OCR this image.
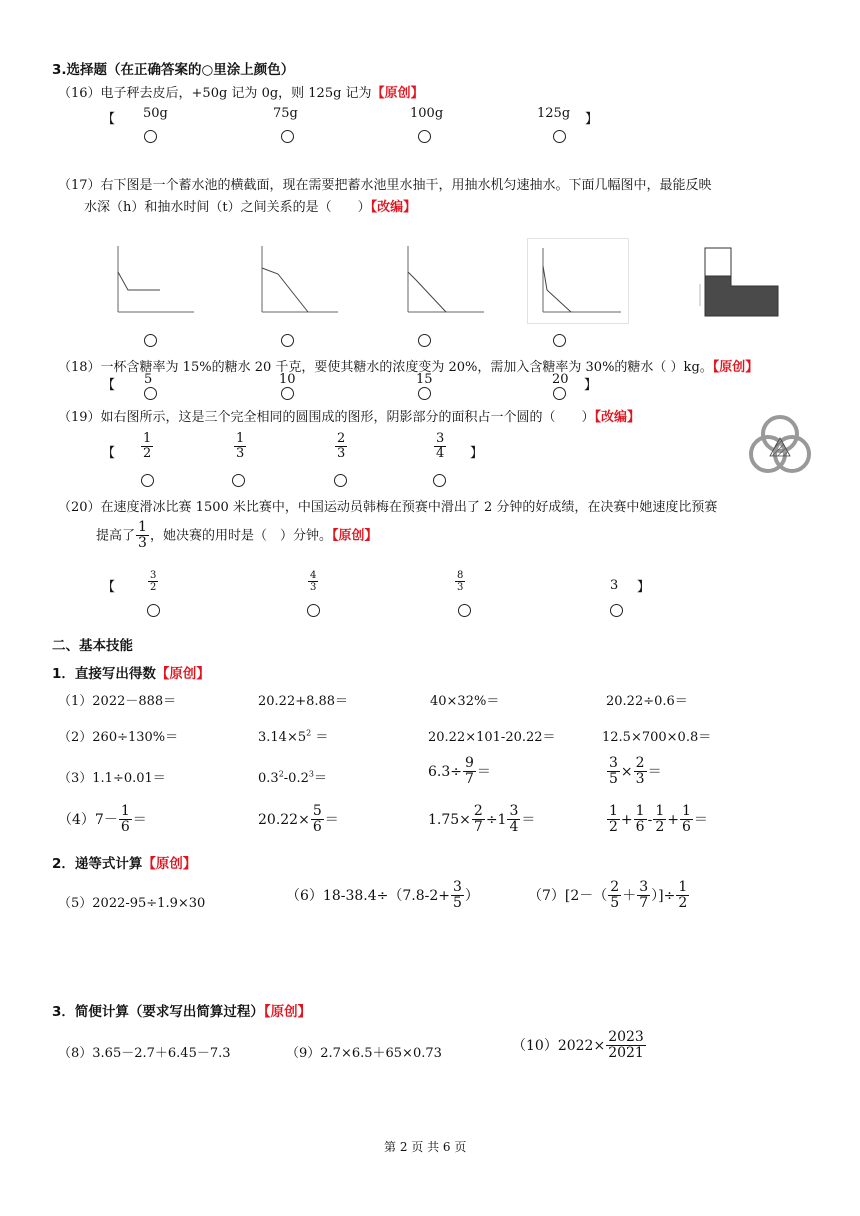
3.选择题（在正确答案的○里涂上颜色）
（16）电子秤去皮后，+50g 记为 0g，则 125g 记为【原创】
【 50g	75g	100g	125g 】
（17）右下图是一个蓄水池的横截面，现在需要把蓄水池里水抽干，用抽水机匀速抽水。下面几幅图中，最能反映
水深（h）和抽水时间（t）之间关系的是（　　）【改编】
（18）一杯含糖率为 15%的糖水 20 千克，要使其糖水的浓度变为 20%，需加入含糖率为 30%的糖水（ ）kg。【原创】
【 5	10	15	20 】
（19）如右图所示，这是三个完全相同的圆围成的图形，阴影部分的面积占一个圆的（　　）【改编】
【 $\frac{1}{2}$	$\frac{1}{3}$	$\frac{2}{3}$	$\frac{3}{4}$ 】
（20）在速度滑冰比赛 1500 米比赛中，中国运动员韩梅在预赛中滑出了 2 分钟的好成绩，在决赛中她速度比预赛
提高了 $\frac{1}{3}$ ，她决赛的用时是（　）分钟。【原创】
【	$\frac{3}{2}$	$\frac{4}{3}$	$\frac{8}{3}$	3 】
二、基本技能
1．直接写出得数【原创】
（1）2022－888＝	20.22+8.88＝	40×32%＝	20.22÷0.6＝
（2）260÷130%＝	$3.14\times 5^2$ ＝	20.22×101-20.22＝	12.5×700×0.8＝
（3）1.1÷0.01＝	$0.3^2-0.2^3=$	$6.3\div \frac{9}{7}$ ＝	$\frac{3}{5} \times \frac{2}{3}$ ＝
$(4)7- \frac{1}{6}$ ＝	$20.22\times \frac{5}{6}$ ＝	$1.75\times \frac{2}{7} \div 1 \frac{3}{4}$ ＝	$\frac{1}{2} + \frac{1}{6} - \frac{1}{2} + \frac{1}{6}$ ＝
2．递等式计算【原创】
（5）2022-95÷1.9×30	$(6)18-38.4\div(7.8-2+ \frac{3}{5}$ ）	$(7)[2-( \frac{2}{5} + \frac{3}{7}$ ）]÷ $\frac{1}{2}$
3．简便计算（要求写出简算过程）【原创】
（8）3.65－2.7＋6.45－7.3	（9）2.7×6.5＋65×0.73	$(10)2022\times \frac{2023}{2021}$
第 2 页 共 6 页
